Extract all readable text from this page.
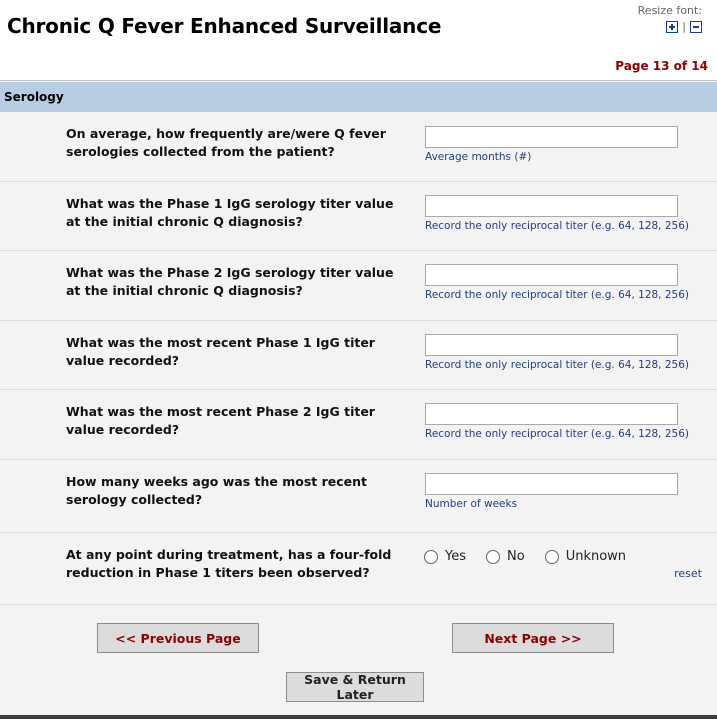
Chronic Q Fever Enhanced Surveillance
Resize font:
|
Page 13 of 14
Serology
On average, how frequently are/were Q fever serologies collected from the patient?	Average months (#)
What was the Phase 1 IgG serology titer value at the initial chronic Q diagnosis?	Record the only reciprocal titer (e.g. 64, 128, 256)
What was the Phase 2 IgG serology titer value at the initial chronic Q diagnosis?	Record the only reciprocal titer (e.g. 64, 128, 256)
What was the most recent Phase 1 IgG titer value recorded?	Record the only reciprocal titer (e.g. 64, 128, 256)
What was the most recent Phase 2 IgG titer value recorded?	Record the only reciprocal titer (e.g. 64, 128, 256)
How many weeks ago was the most recent serology collected?	Number of weeks
At any point during treatment, has a four-fold reduction in Phase 1 titers been observed?
Yes	No	Unknown
reset
<< Previous Page	Next Page >>
Save & Return Later
